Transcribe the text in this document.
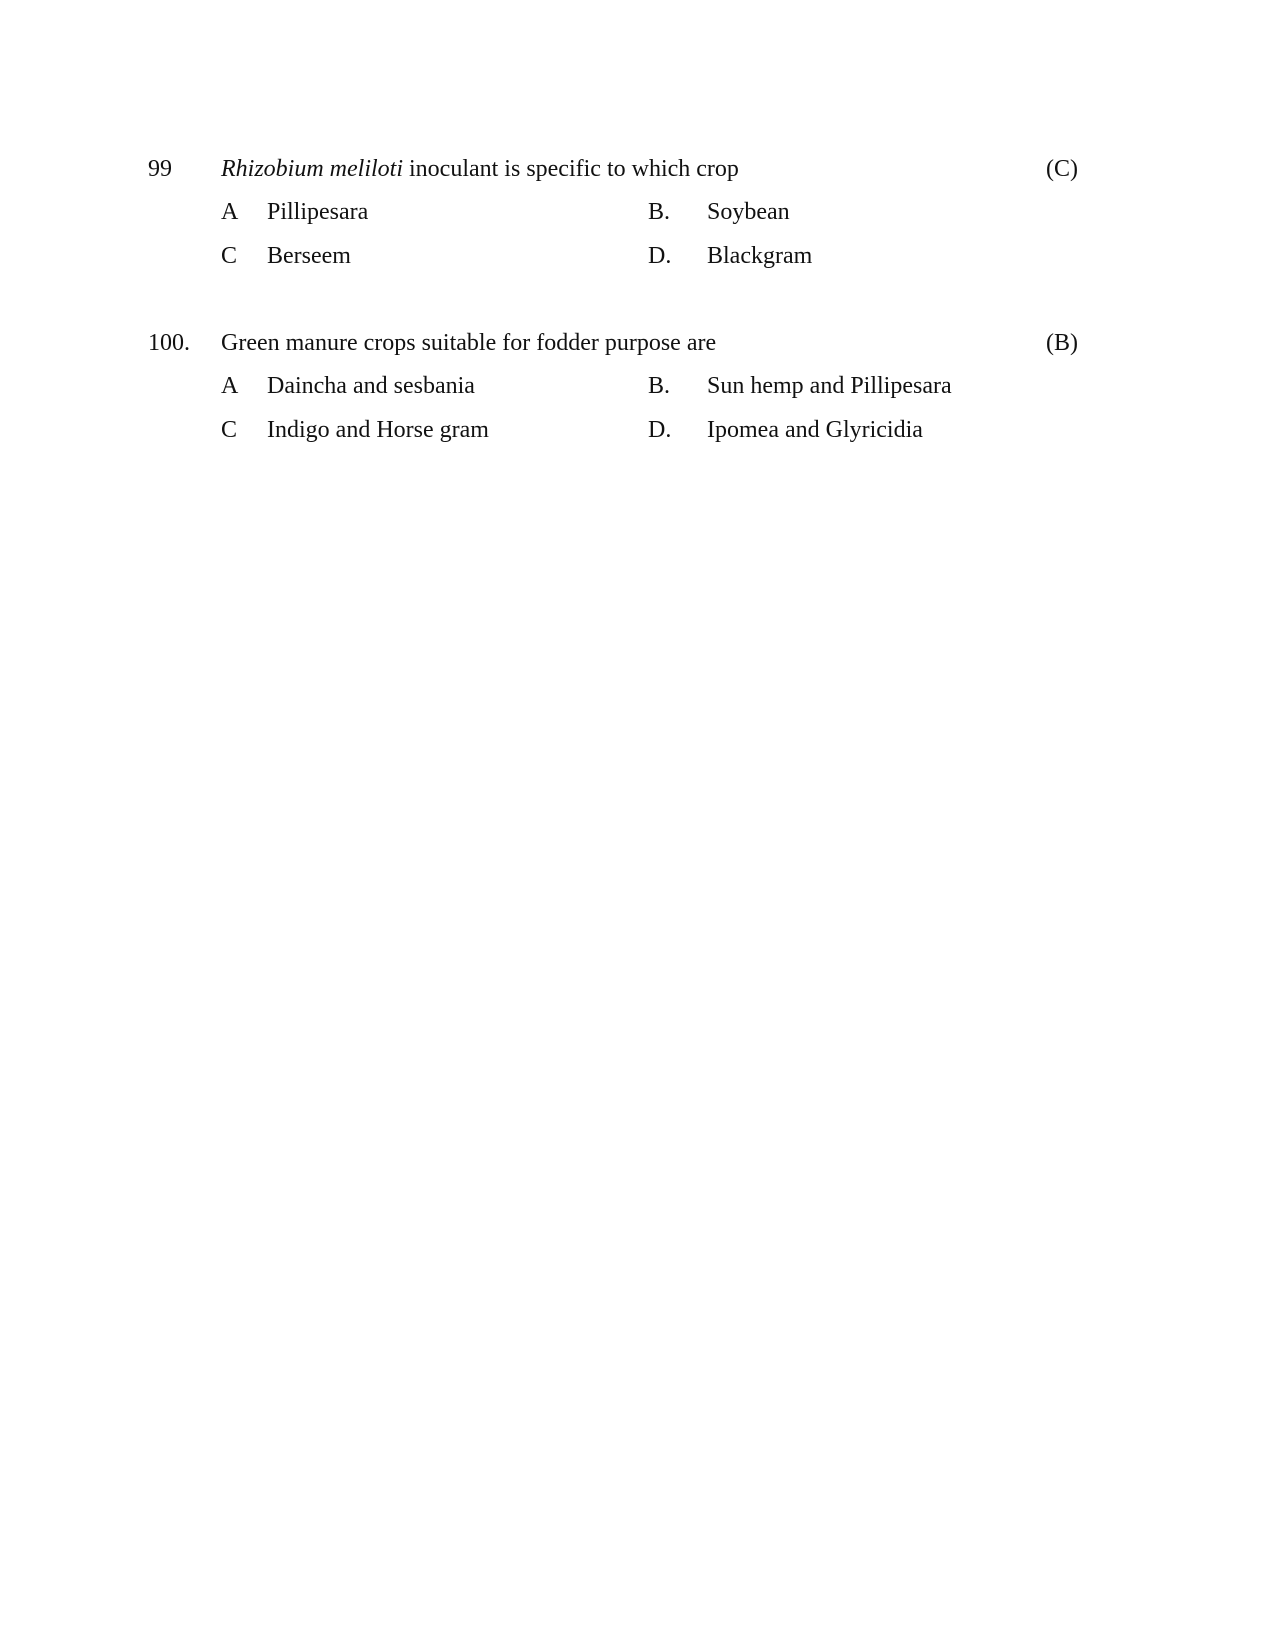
99 Rhizobium meliloti inoculant is specific to which crop	(C)
A Pillipesara	B. Soybean
C Berseem	D. Blackgram
100. Green manure crops suitable for fodder purpose are	(B)
A Daincha and sesbania	B. Sun hemp and Pillipesara
C Indigo and Horse gram	D. Ipomea and Glyricidia
